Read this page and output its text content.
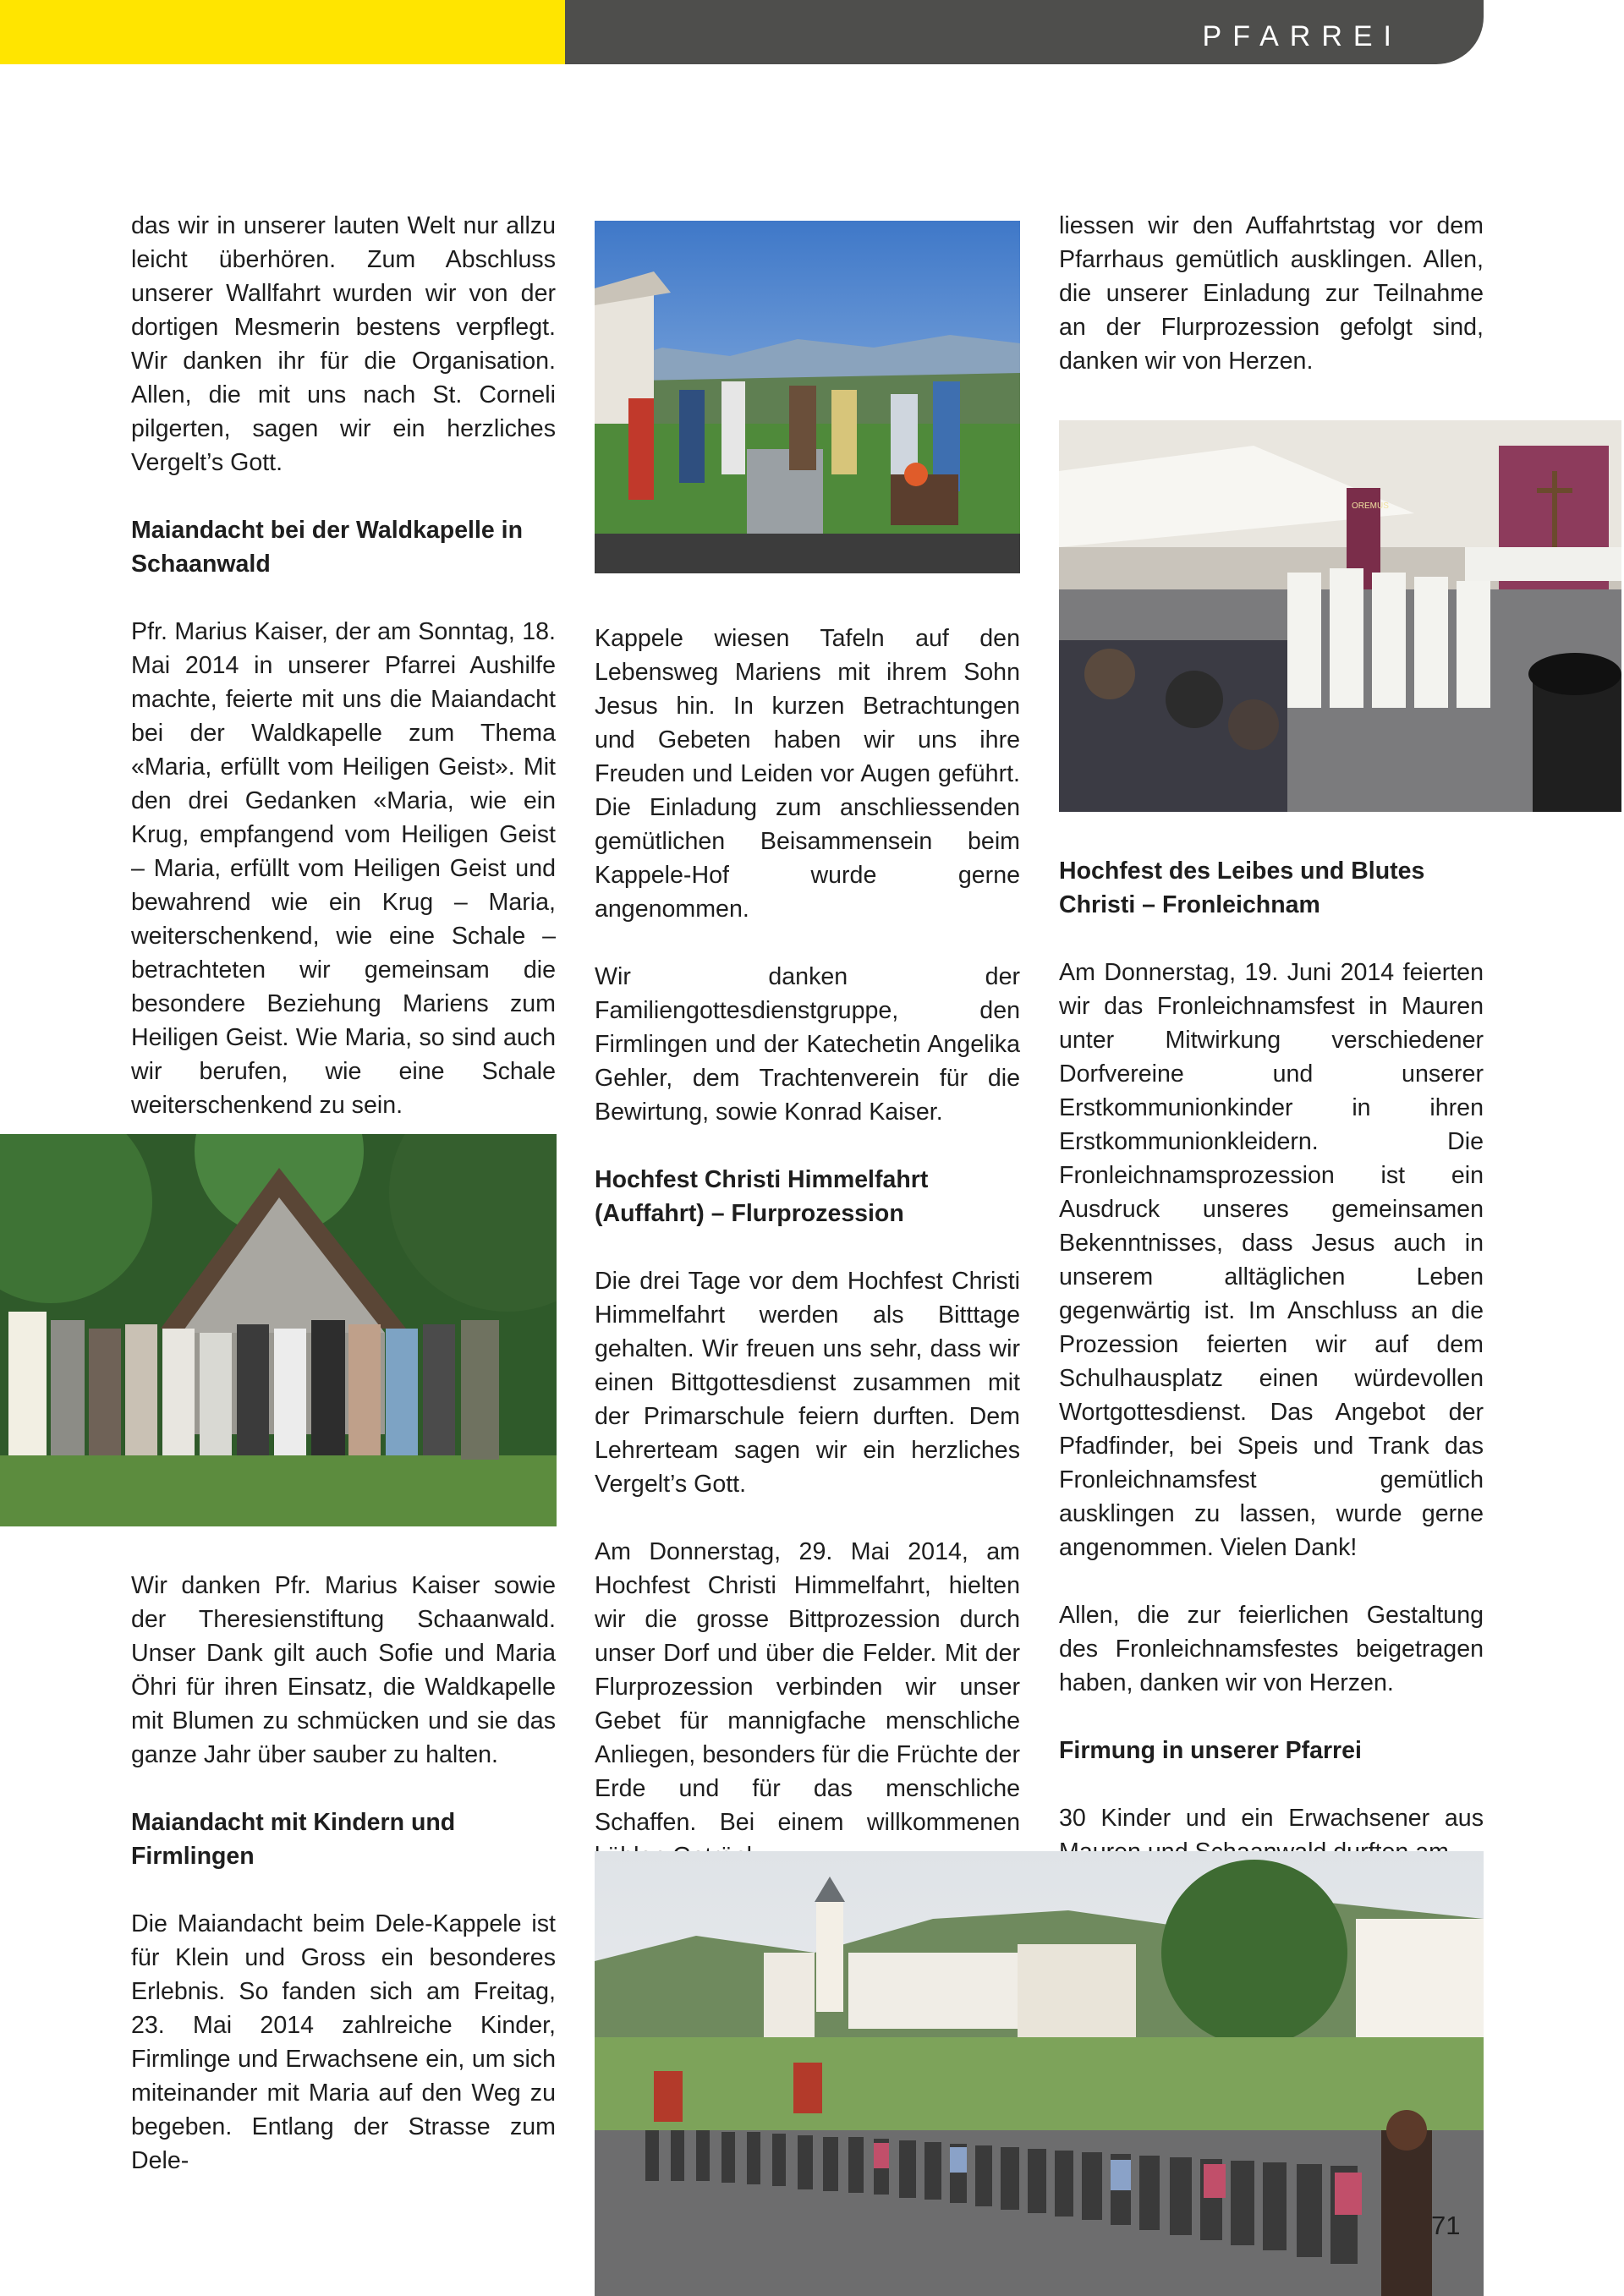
PFARREI

das wir in unserer lauten Welt nur allzu leicht überhören. Zum Abschluss unserer Wallfahrt wurden wir von der dortigen Mesmerin bestens verpflegt. Wir danken ihr für die Organisation. Allen, die mit uns nach St. Corneli pilgerten, sagen wir ein herzliches Vergelt’s Gott.

Maiandacht bei der Waldkapelle in Schaanwald

Pfr. Marius Kaiser, der am Sonntag, 18. Mai 2014 in unserer Pfarrei Aushilfe machte, feierte mit uns die Maiandacht bei der Waldkapelle zum Thema «Maria, erfüllt vom Heiligen Geist». Mit den drei Gedanken «Maria, wie ein Krug, empfangend vom Heiligen Geist – Maria, erfüllt vom Heiligen Geist und bewahrend wie ein Krug – Maria, weiterschenkend, wie eine Schale – betrachteten wir gemeinsam die besondere Beziehung Mariens zum Heiligen Geist. Wie Maria, so sind auch wir berufen, wie eine Schale weiterschenkend zu sein.

Wir danken Pfr. Marius Kaiser sowie der Theresienstiftung Schaanwald. Unser Dank gilt auch Sofie und Maria Öhri für ihren Einsatz, die Waldkapelle mit Blumen zu schmücken und sie das ganze Jahr über sauber zu halten.

Maiandacht mit Kindern und Firmlingen

Die Maiandacht beim Dele-Kappele ist für Klein und Gross ein besonderes Erlebnis. So fanden sich am Freitag, 23. Mai 2014 zahlreiche Kinder, Firmlinge und Erwachsene ein, um sich miteinander mit Maria auf den Weg zu begeben. Entlang der Strasse zum Dele-

Kappele wiesen Tafeln auf den Lebensweg Mariens mit ihrem Sohn Jesus hin. In kurzen Betrachtungen und Gebeten haben wir uns ihre Freuden und Leiden vor Augen geführt. Die Einladung zum anschliessenden gemütlichen Beisammensein beim Kappele-Hof wurde gerne angenommen.

Wir danken der Familiengottesdienstgruppe, den Firmlingen und der Katechetin Angelika Gehler, dem Trachtenverein für die Bewirtung, sowie Konrad Kaiser.

Hochfest Christi Himmelfahrt (Auffahrt) – Flurprozession

Die drei Tage vor dem Hochfest Christi Himmelfahrt werden als Bitttage gehalten. Wir freuen uns sehr, dass wir einen Bittgottesdienst zusammen mit der Primarschule feiern durften. Dem Lehrerteam sagen wir ein herzliches Vergelt’s Gott.

Am Donnerstag, 29. Mai 2014, am Hochfest Christi Himmelfahrt, hielten wir die grosse Bittprozession durch unser Dorf und über die Felder. Mit der Flurprozession verbinden wir unser Gebet für mannigfache menschliche Anliegen, besonders für die Früchte der Erde und für das menschliche Schaffen. Bei einem willkommenen

liessen wir den Auffahrtstag vor dem Pfarrhaus gemütlich ausklingen. Allen, die unserer Einladung zur Teilnahme an der Flurprozession gefolgt sind, danken wir von Herzen.

Hochfest des Leibes und Blutes Christi – Fronleichnam

Am Donnerstag, 19. Juni 2014 feierten wir das Fronleichnamsfest in Mauren unter Mitwirkung verschiedener Dorfvereine und unserer Erstkommunionkinder in ihren Erstkommunionkleidern. Die Fronleichnamsprozession ist ein Ausdruck unseres gemeinsamen Bekenntnisses, dass Jesus auch in unserem alltäglichen Leben gegenwärtig ist. Im Anschluss an die Prozession feierten wir auf dem Schulhausplatz einen würdevollen Wortgottesdienst. Das Angebot der Pfadfinder, bei Speis und Trank das Fronleichnamsfest gemütlich ausklingen zu lassen, wurde gerne angenommen. Vielen Dank!

Allen, die zur feierlichen Gestaltung des Fronleichnamsfestes beigetragen haben, danken wir von Herzen.

Firmung in unserer Pfarrei

30 Kinder und ein Erwachsener aus

OREMUS
71
